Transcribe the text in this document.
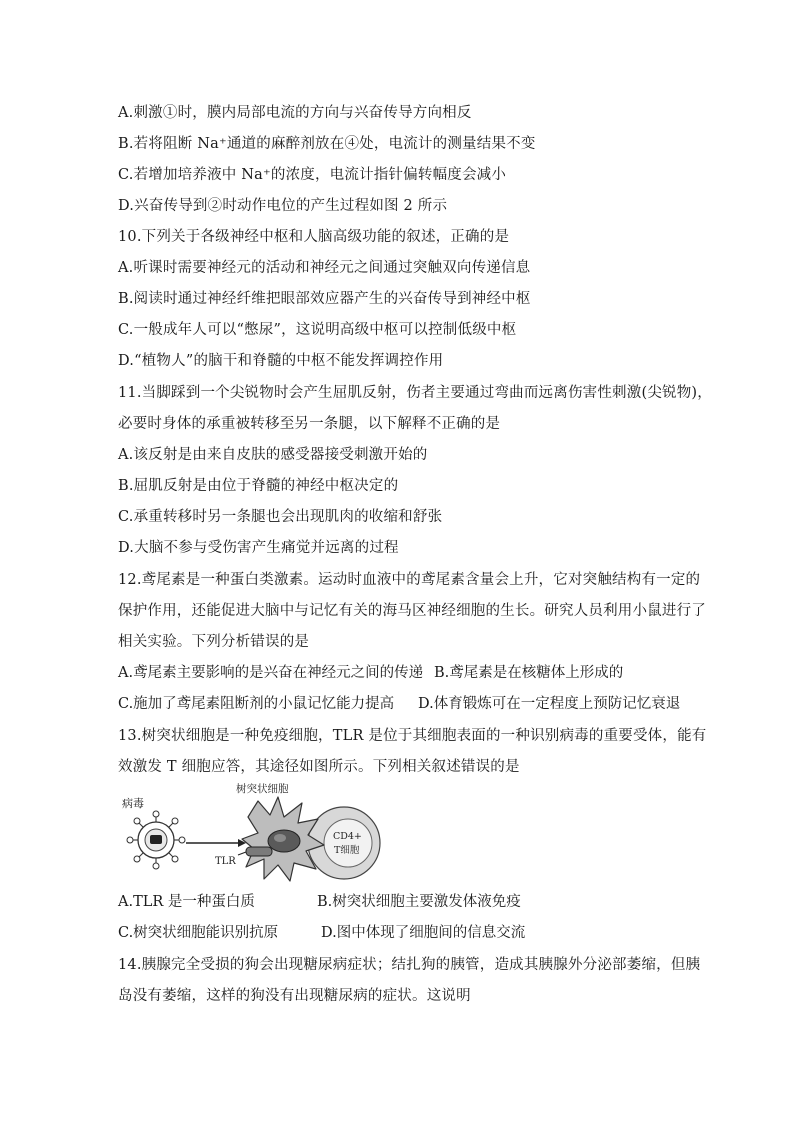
A.刺激①时，膜内局部电流的方向与兴奋传导方向相反
B.若将阻断 Na⁺通道的麻醉剂放在④处，电流计的测量结果不变
C.若增加培养液中 Na⁺的浓度，电流计指针偏转幅度会减小
D.兴奋传导到②时动作电位的产生过程如图 2 所示
10.下列关于各级神经中枢和人脑高级功能的叙述，正确的是
A.听课时需要神经元的活动和神经元之间通过突触双向传递信息
B.阅读时通过神经纤维把眼部效应器产生的兴奋传导到神经中枢
C.一般成年人可以“憋尿”，这说明高级中枢可以控制低级中枢
D.“植物人”的脑干和脊髓的中枢不能发挥调控作用
11.当脚踩到一个尖锐物时会产生屈肌反射，伤者主要通过弯曲而远离伤害性刺激(尖锐物)，
必要时身体的承重被转移至另一条腿，以下解释不正确的是
A.该反射是由来自皮肤的感受器接受刺激开始的
B.屈肌反射是由位于脊髓的神经中枢决定的
C.承重转移时另一条腿也会出现肌肉的收缩和舒张
D.大脑不参与受伤害产生痛觉并远离的过程
12.鸢尾素是一种蛋白类激素。运动时血液中的鸢尾素含量会上升，它对突触结构有一定的
保护作用，还能促进大脑中与记忆有关的海马区神经细胞的生长。研究人员利用小鼠进行了
相关实验。下列分析错误的是
A.鸢尾素主要影响的是兴奋在神经元之间的传递 B.鸢尾素是在核糖体上形成的
C.施加了鸢尾素阻断剂的小鼠记忆能力提高 D.体育锻炼可在一定程度上预防记忆衰退
13.树突状细胞是一种免疫细胞，TLR 是位于其细胞表面的一种识别病毒的重要受体，能有
效激发 T 细胞应答，其途径如图所示。下列相关叙述错误的是
病毒
树突状细胞
TLR
CD4+
T细胞
A.TLR 是一种蛋白质	B.树突状细胞主要激发体液免疫
C.树突状细胞能识别抗原	D.图中体现了细胞间的信息交流
14.胰腺完全受损的狗会出现糖尿病症状；结扎狗的胰管，造成其胰腺外分泌部萎缩，但胰
岛没有萎缩，这样的狗没有出现糖尿病的症状。这说明
